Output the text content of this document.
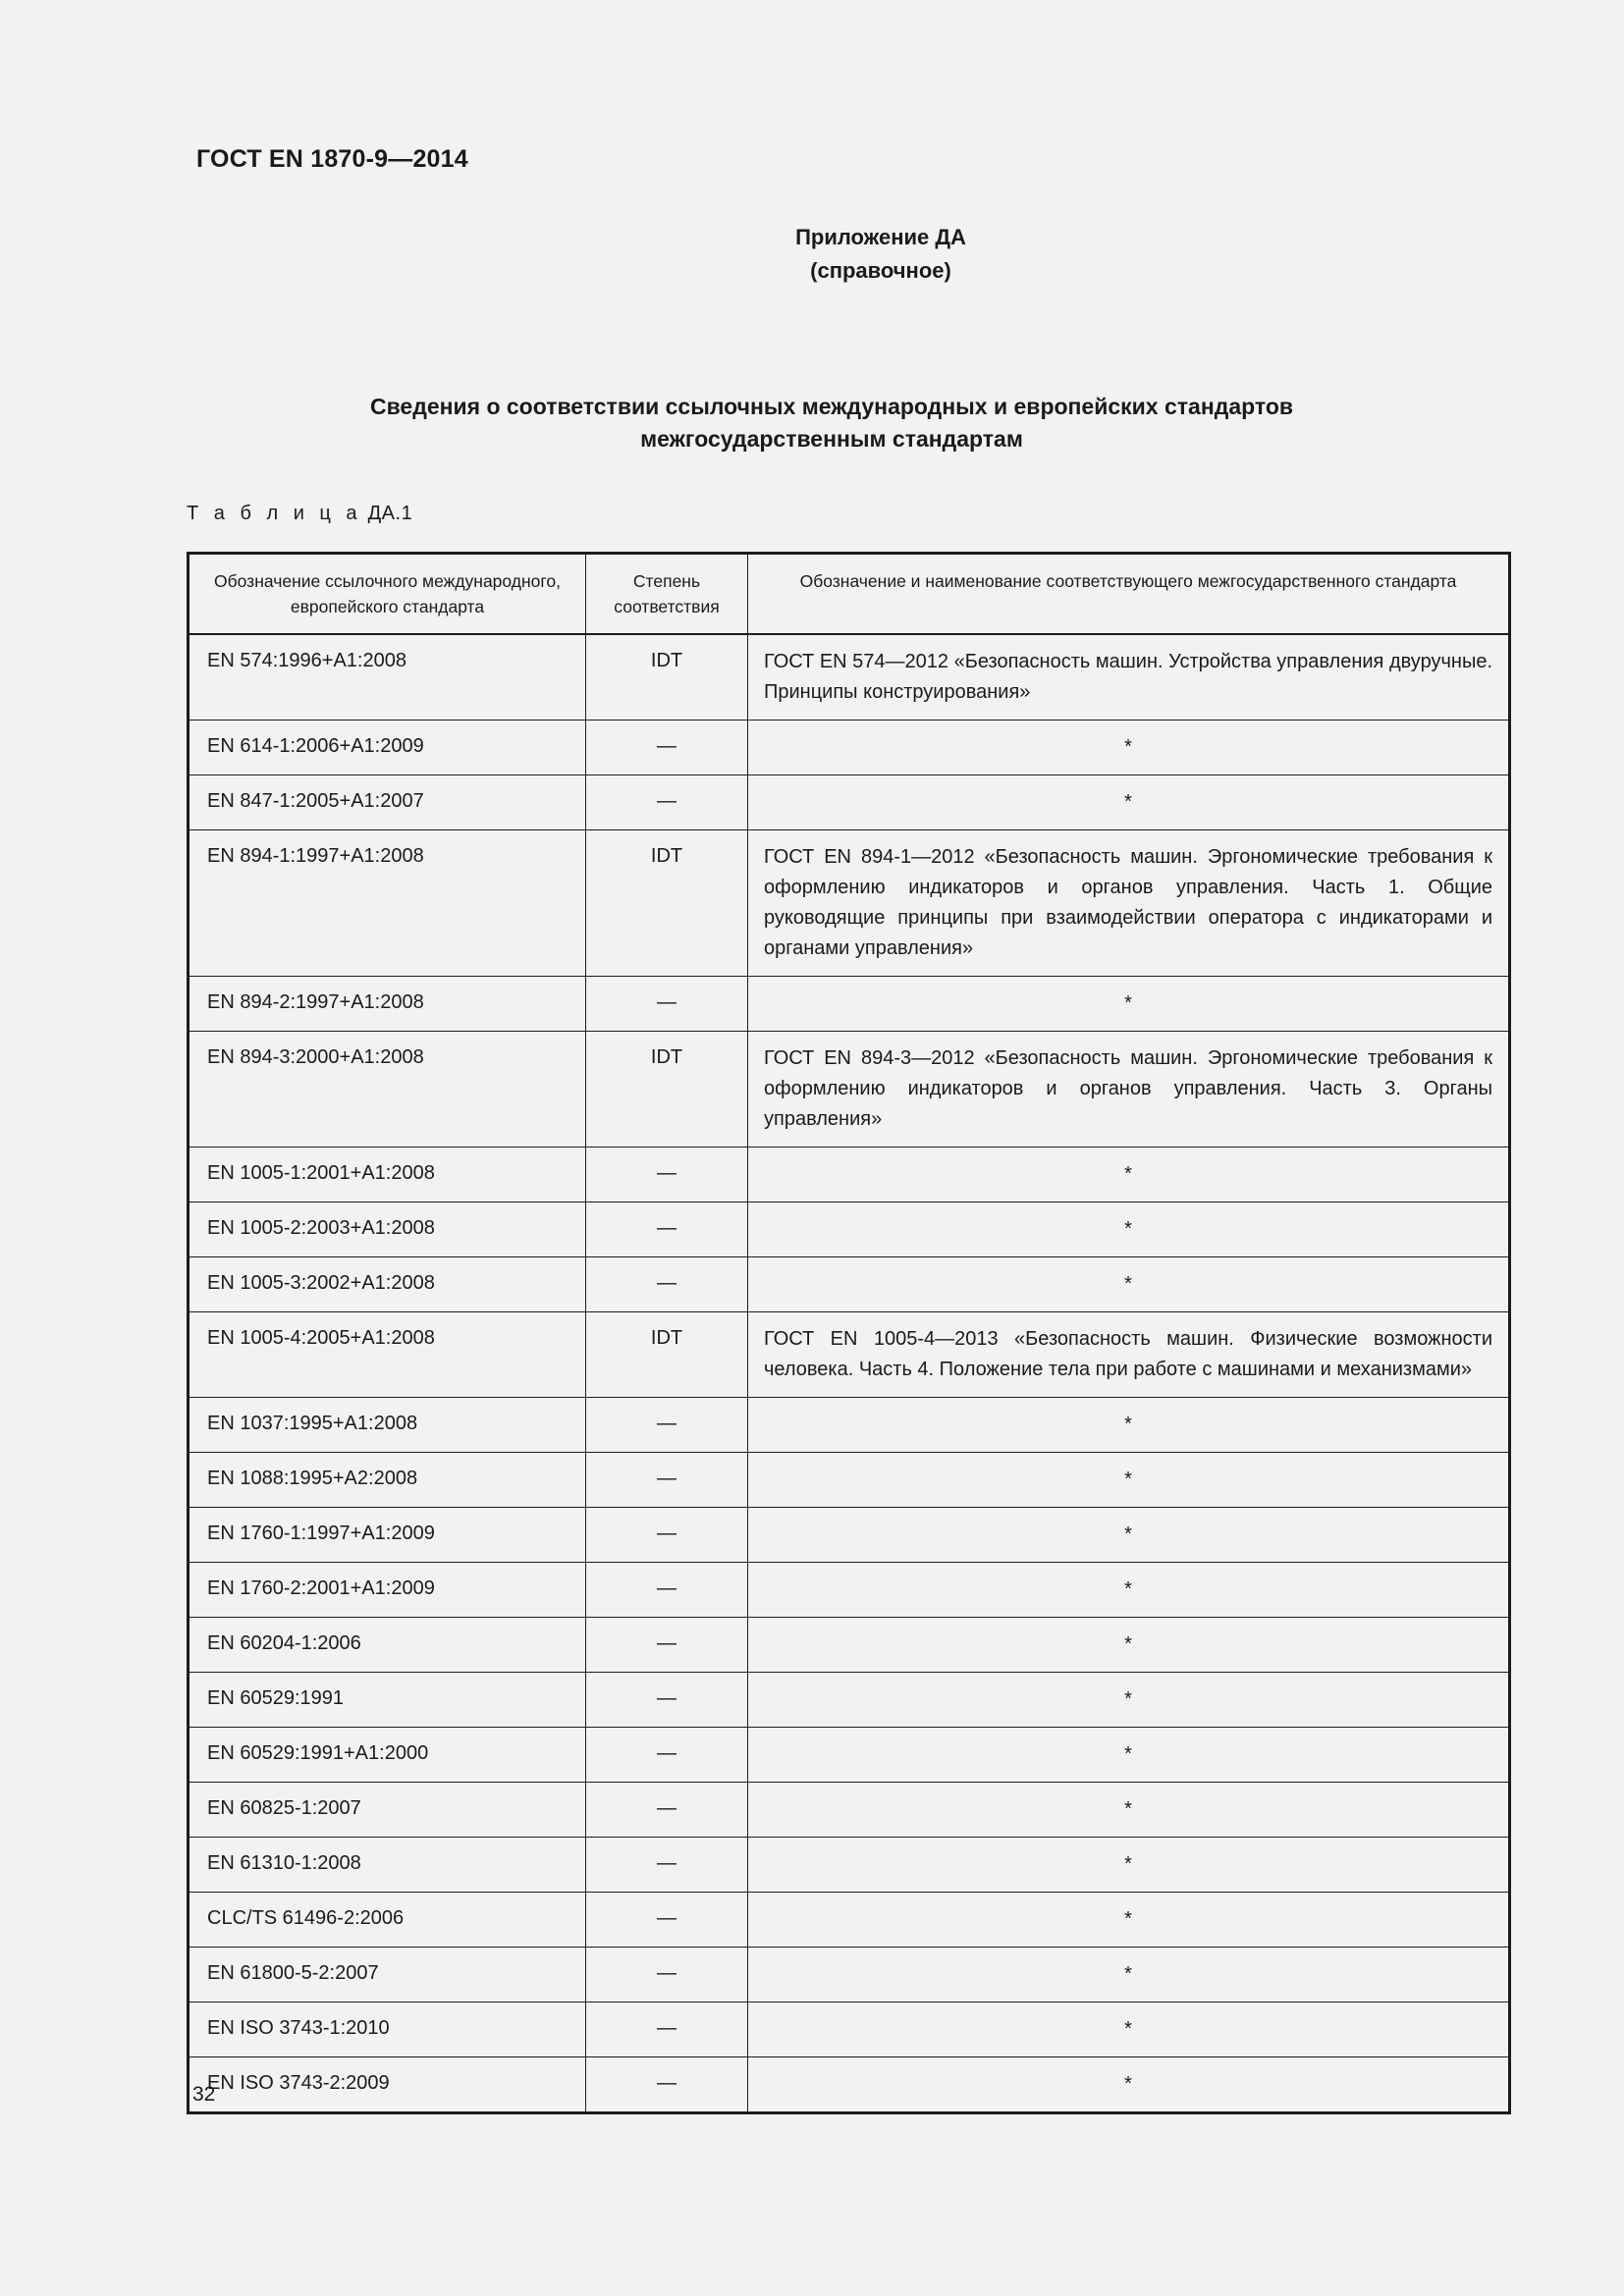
ГОСТ EN 1870-9—2014
Приложение ДА
(справочное)
Сведения о соответствии ссылочных международных и европейских стандартов
межгосударственным стандартам
Т а б л и ц а ДА.1
Обозначение ссылочного международного, европейского стандарта	Степень соответствия	Обозначение и наименование соответствующего межгосударственного стандарта
EN 574:1996+A1:2008	IDT	ГОСТ EN 574—2012 «Безопасность машин. Устройства управления двуручные. Принципы конструирования»
EN 614-1:2006+A1:2009	—	*
EN 847-1:2005+A1:2007	—	*
EN 894-1:1997+A1:2008	IDT	ГОСТ EN 894-1—2012 «Безопасность машин. Эргономические требования к оформлению индикаторов и органов управления. Часть 1. Общие руководящие принципы при взаимодействии оператора с индикаторами и органами управления»
EN 894-2:1997+A1:2008	—	*
EN 894-3:2000+A1:2008	IDT	ГОСТ EN 894-3—2012 «Безопасность машин. Эргономические требования к оформлению индикаторов и органов управления. Часть 3. Органы управления»
EN 1005-1:2001+A1:2008	—	*
EN 1005-2:2003+A1:2008	—	*
EN 1005-3:2002+A1:2008	—	*
EN 1005-4:2005+A1:2008	IDT	ГОСТ EN 1005-4—2013 «Безопасность машин. Физические возможности человека. Часть 4. Положение тела при работе с машинами и механизмами»
EN 1037:1995+A1:2008	—	*
EN 1088:1995+A2:2008	—	*
EN 1760-1:1997+A1:2009	—	*
EN 1760-2:2001+A1:2009	—	*
EN 60204-1:2006	—	*
EN 60529:1991	—	*
EN 60529:1991+A1:2000	—	*
EN 60825-1:2007	—	*
EN 61310-1:2008	—	*
CLC/TS 61496-2:2006	—	*
EN 61800-5-2:2007	—	*
EN ISO 3743-1:2010	—	*
EN ISO 3743-2:2009	—	*
32
